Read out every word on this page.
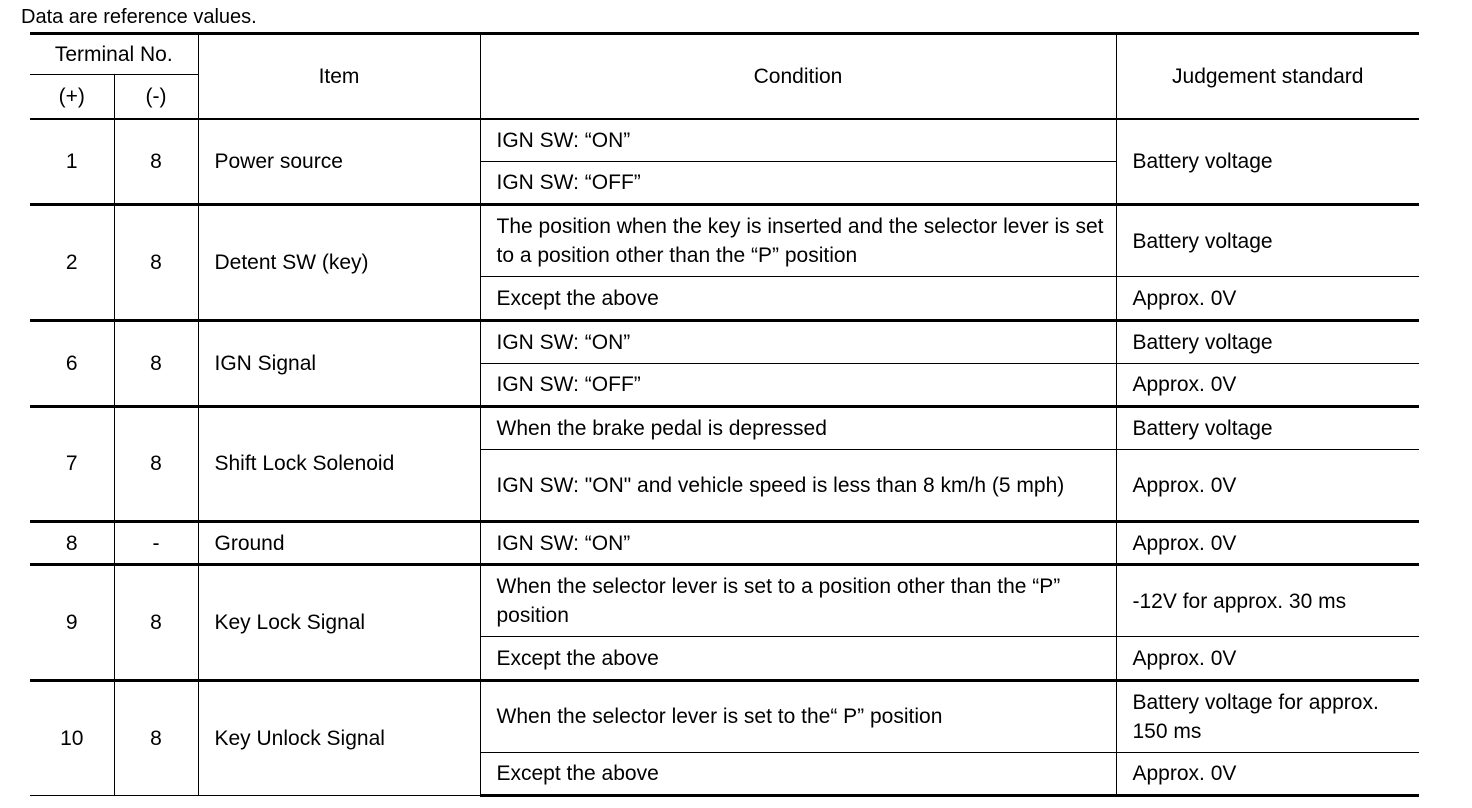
Data are reference values.
Terminal No.		Item	Condition	Judgement standard
(+)	(-)			
1	8	Power source	IGN SW: “ON”	Battery voltage
			IGN SW: “OFF”	
2	8	Detent SW (key)	The position when the key is inserted and the selector lever is set to a position other than the “P” position	Battery voltage
			Except the above	Approx. 0V
6	8	IGN Signal	IGN SW: “ON”	Battery voltage
			IGN SW: “OFF”	Approx. 0V
7	8	Shift Lock Solenoid	When the brake pedal is depressed	Battery voltage
			IGN SW: "ON" and vehicle speed is less than 8 km/h (5 mph)	Approx. 0V
8	-	Ground	IGN SW: “ON”	Approx. 0V
9	8	Key Lock Signal	When the selector lever is set to a position other than the “P” position	-12V for approx. 30 ms
			Except the above	Approx. 0V
10	8	Key Unlock Signal	When the selector lever is set to the“ P” position	Battery voltage for approx. 150 ms
			Except the above	Approx. 0V
